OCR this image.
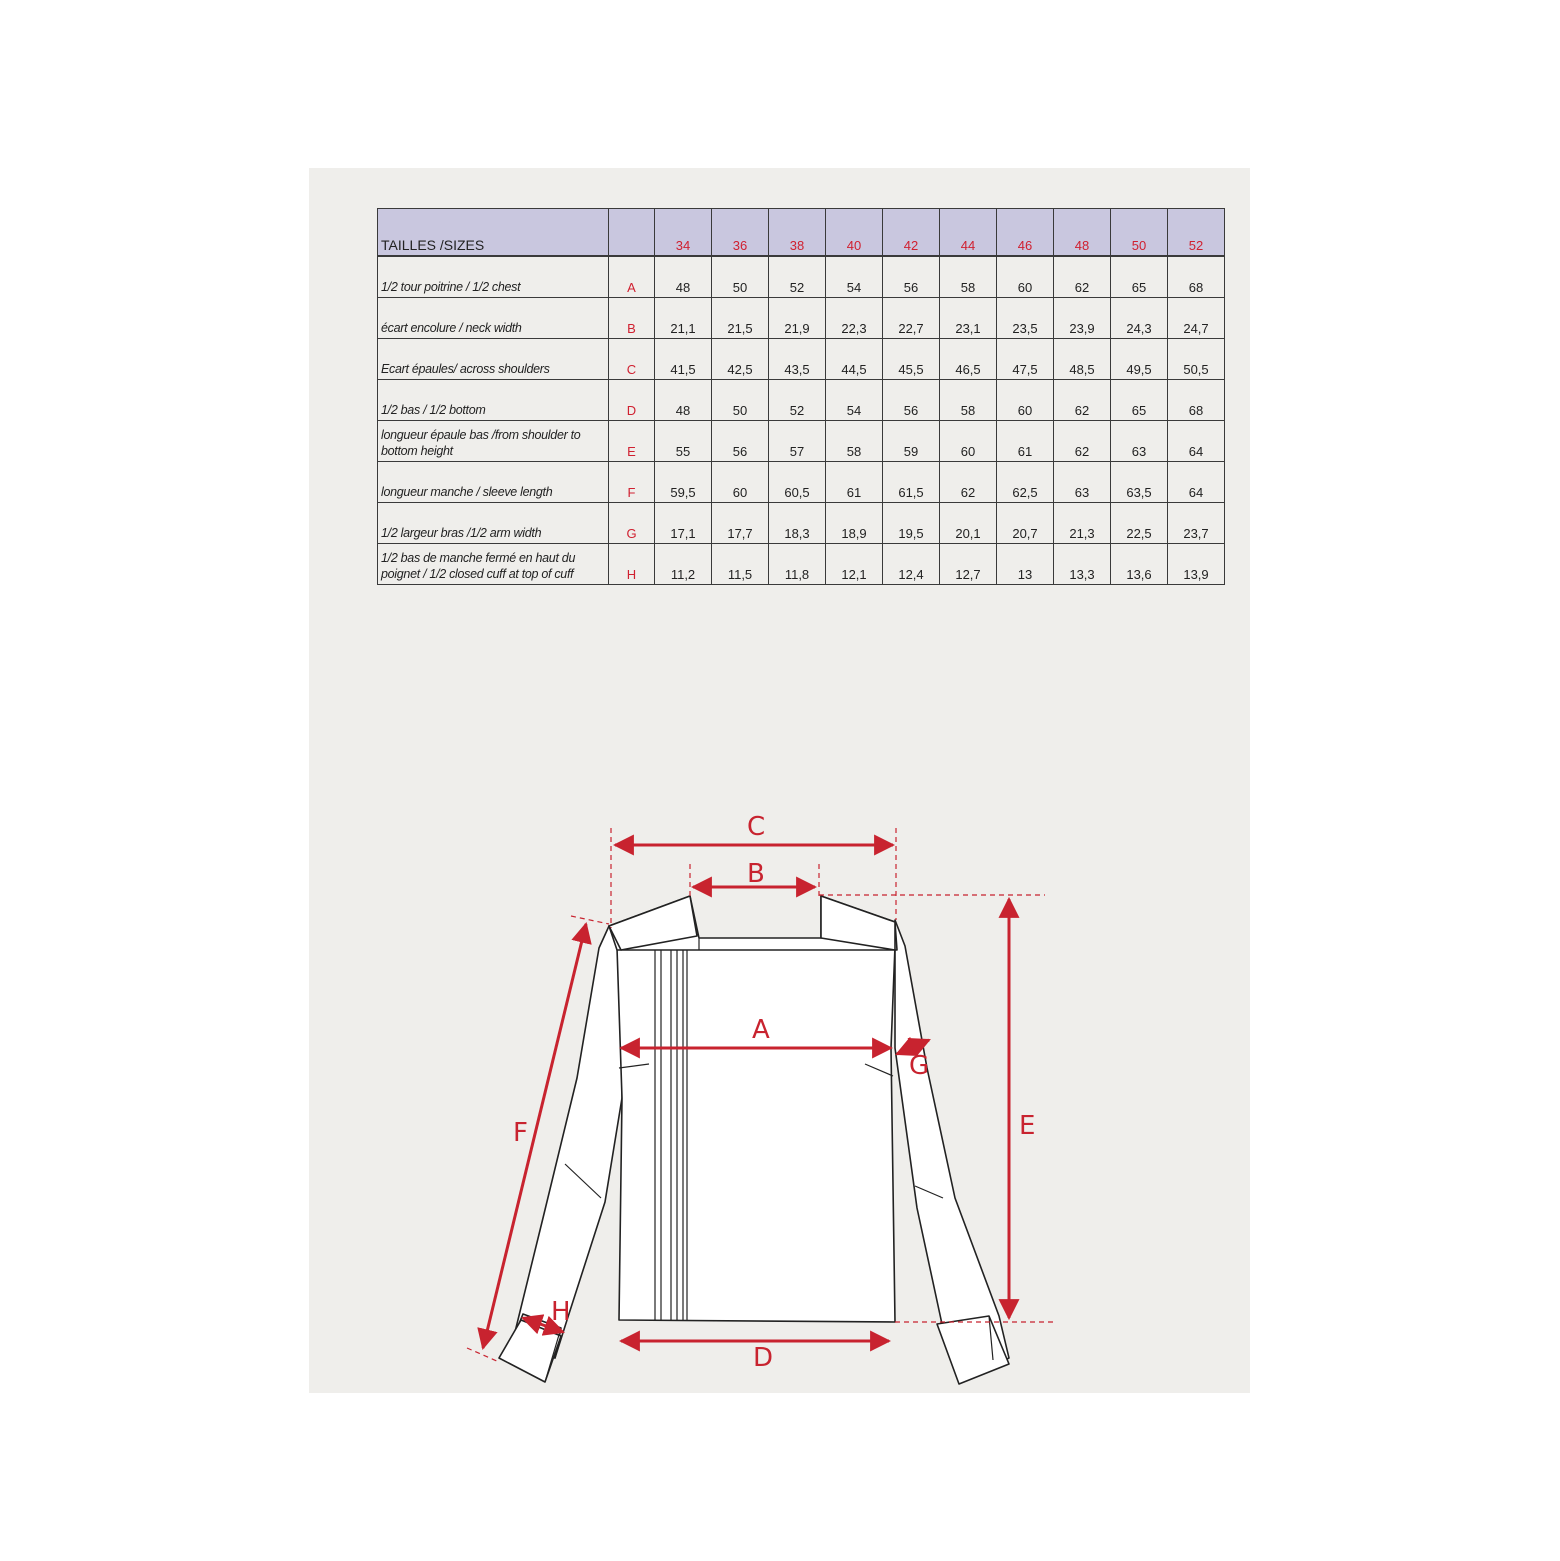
TAILLES /SIZES		34	36	38	40	42	44	46	48	50	52
1/2 tour poitrine / 1/2 chest	A	48	50	52	54	56	58	60	62	65	68
écart encolure / neck width	B	21,1	21,5	21,9	22,3	22,7	23,1	23,5	23,9	24,3	24,7
Ecart épaules/ across shoulders	C	41,5	42,5	43,5	44,5	45,5	46,5	47,5	48,5	49,5	50,5
1/2 bas / 1/2 bottom	D	48	50	52	54	56	58	60	62	65	68
longueur épaule bas /from shoulder to bottom height	E	55	56	57	58	59	60	61	62	63	64
longueur manche / sleeve length	F	59,5	60	60,5	61	61,5	62	62,5	63	63,5	64
1/2 largeur bras /1/2 arm width	G	17,1	17,7	18,3	18,9	19,5	20,1	20,7	21,3	22,5	23,7
1/2 bas de manche fermé en haut du poignet / 1/2 closed cuff at top of cuff	H	11,2	11,5	11,8	12,1	12,4	12,7	13	13,3	13,6	13,9
C
B
A
G
E
F
H
D
